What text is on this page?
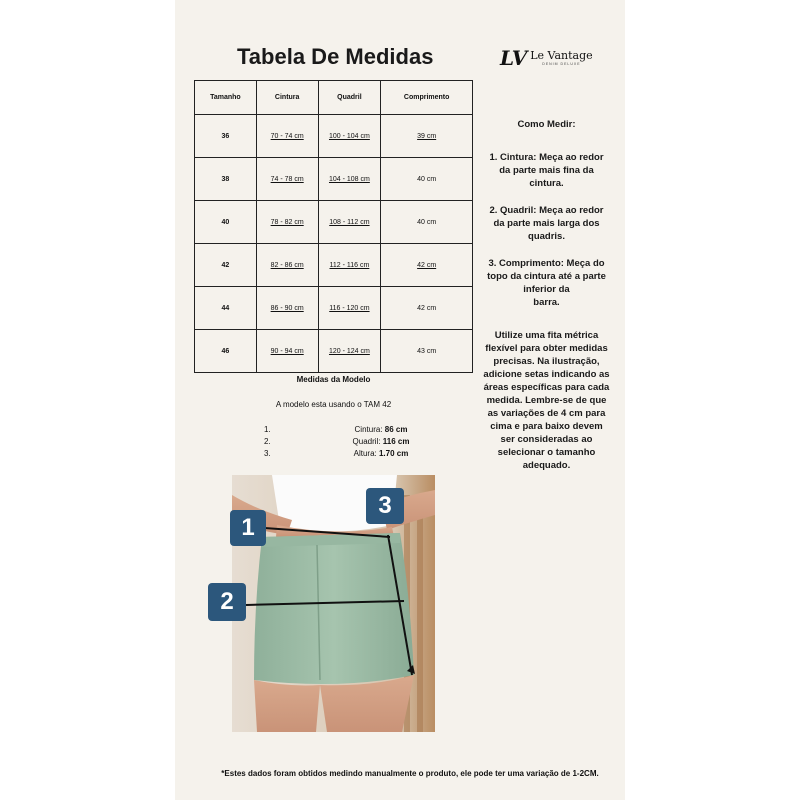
Tabela De Medidas	LV Le Vantage
DENIM DELUXE
Tamanho	Cintura	Quadril	Comprimento
36	70 - 74 cm	100 - 104 cm	39 cm
38	74 - 78 cm	104 - 108 cm	40 cm
40	78 - 82 cm	108 - 112 cm	40 cm
42	82 - 86 cm	112 - 116 cm	42 cm
44	86 - 90 cm	116 - 120 cm	42 cm
46	90 - 94 cm	120 - 124 cm	43 cm
Medidas da Modelo
A modelo esta usando o TAM 42
1.	Cintura: 86 cm
2.	Quadril: 116 cm
3.	Altura: 1.70 cm

Como Medir:

1. Cintura: Meça ao redor da parte mais fina da cintura.

2. Quadril: Meça ao redor da parte mais larga dos quadris.

3. Comprimento: Meça do topo da cintura até a parte inferior da

barra.

Utilize uma fita métrica flexível para obter medidas precisas. Na ilustração, adicione setas indicando as áreas específicas para cada medida. Lembre-se de que as variações de 4 cm para cima e para baixo devem ser consideradas ao selecionar o tamanho adequado.

1
2
3
*Estes dados foram obtidos medindo manualmente o produto, ele pode ter uma variação de 1-2CM.
